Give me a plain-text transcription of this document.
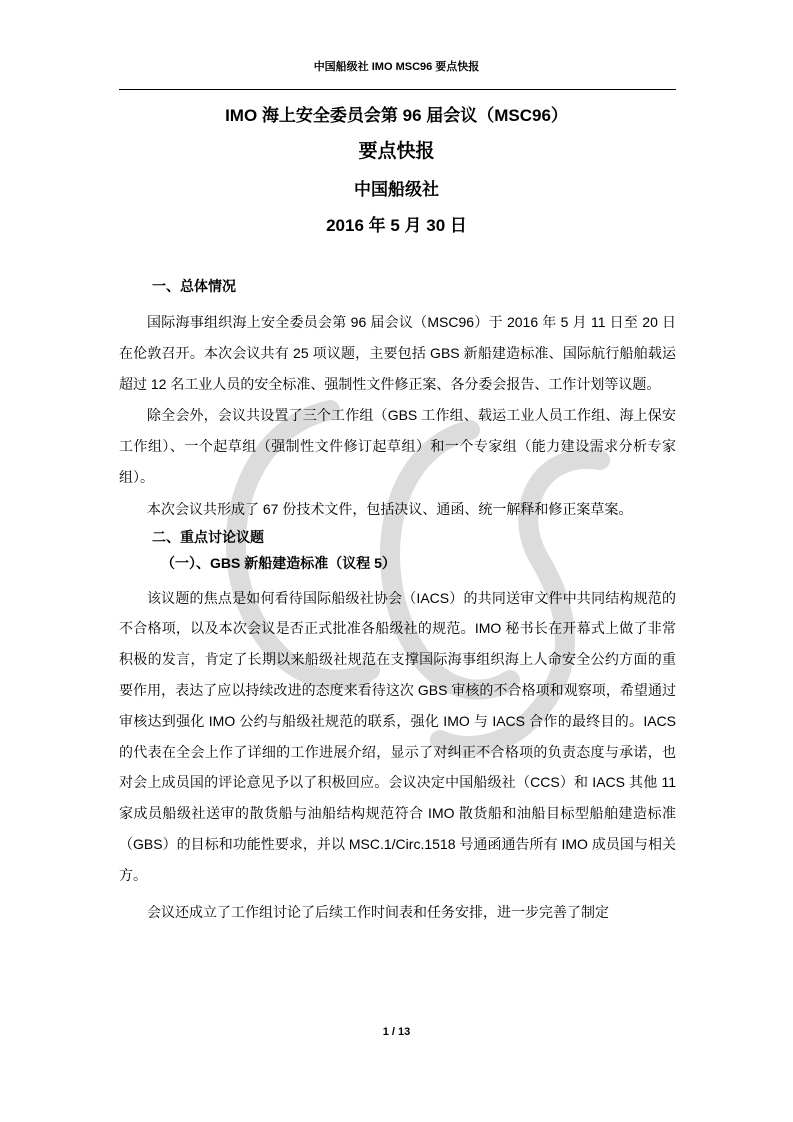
中国船级社 IMO MSC96 要点快报
IMO 海上安全委员会第 96 届会议（MSC96）
要点快报
中国船级社
2016 年 5 月 30 日

一、总体情况

国际海事组织海上安全委员会第 96 届会议（MSC96）于 2016 年 5 月 11 日至 20 日在伦敦召开。本次会议共有 25 项议题，主要包括 GBS 新船建造标准、国际航行船舶载运超过 12 名工业人员的安全标准、强制性文件修正案、各分委会报告、工作计划等议题。

除全会外，会议共设置了三个工作组（GBS 工作组、载运工业人员工作组、海上保安工作组）、一个起草组（强制性文件修订起草组）和一个专家组（能力建设需求分析专家组）。

本次会议共形成了 67 份技术文件，包括决议、通函、统一解释和修正案草案。

二、重点讨论议题

（一）、GBS 新船建造标准（议程 5）

该议题的焦点是如何看待国际船级社协会（IACS）的共同送审文件中共同结构规范的不合格项，以及本次会议是否正式批准各船级社的规范。IMO 秘书长在开幕式上做了非常积极的发言，肯定了长期以来船级社规范在支撑国际海事组织海上人命安全公约方面的重要作用，表达了应以持续改进的态度来看待这次 GBS 审核的不合格项和观察项，希望通过审核达到强化 IMO 公约与船级社规范的联系，强化 IMO 与 IACS 合作的最终目的。IACS 的代表在全会上作了详细的工作进展介绍，显示了对纠正不合格项的负责态度与承诺，也对会上成员国的评论意见予以了积极回应。会议决定中国船级社（CCS）和 IACS 其他 11 家成员船级社送审的散货船与油船结构规范符合 IMO 散货船和油船目标型船舶建造标准（GBS）的目标和功能性要求，并以 MSC.1/Circ.1518 号通函通告所有 IMO 成员国与相关方。

会议还成立了工作组讨论了后续工作时间表和任务安排，进一步完善了制定

1 / 13
